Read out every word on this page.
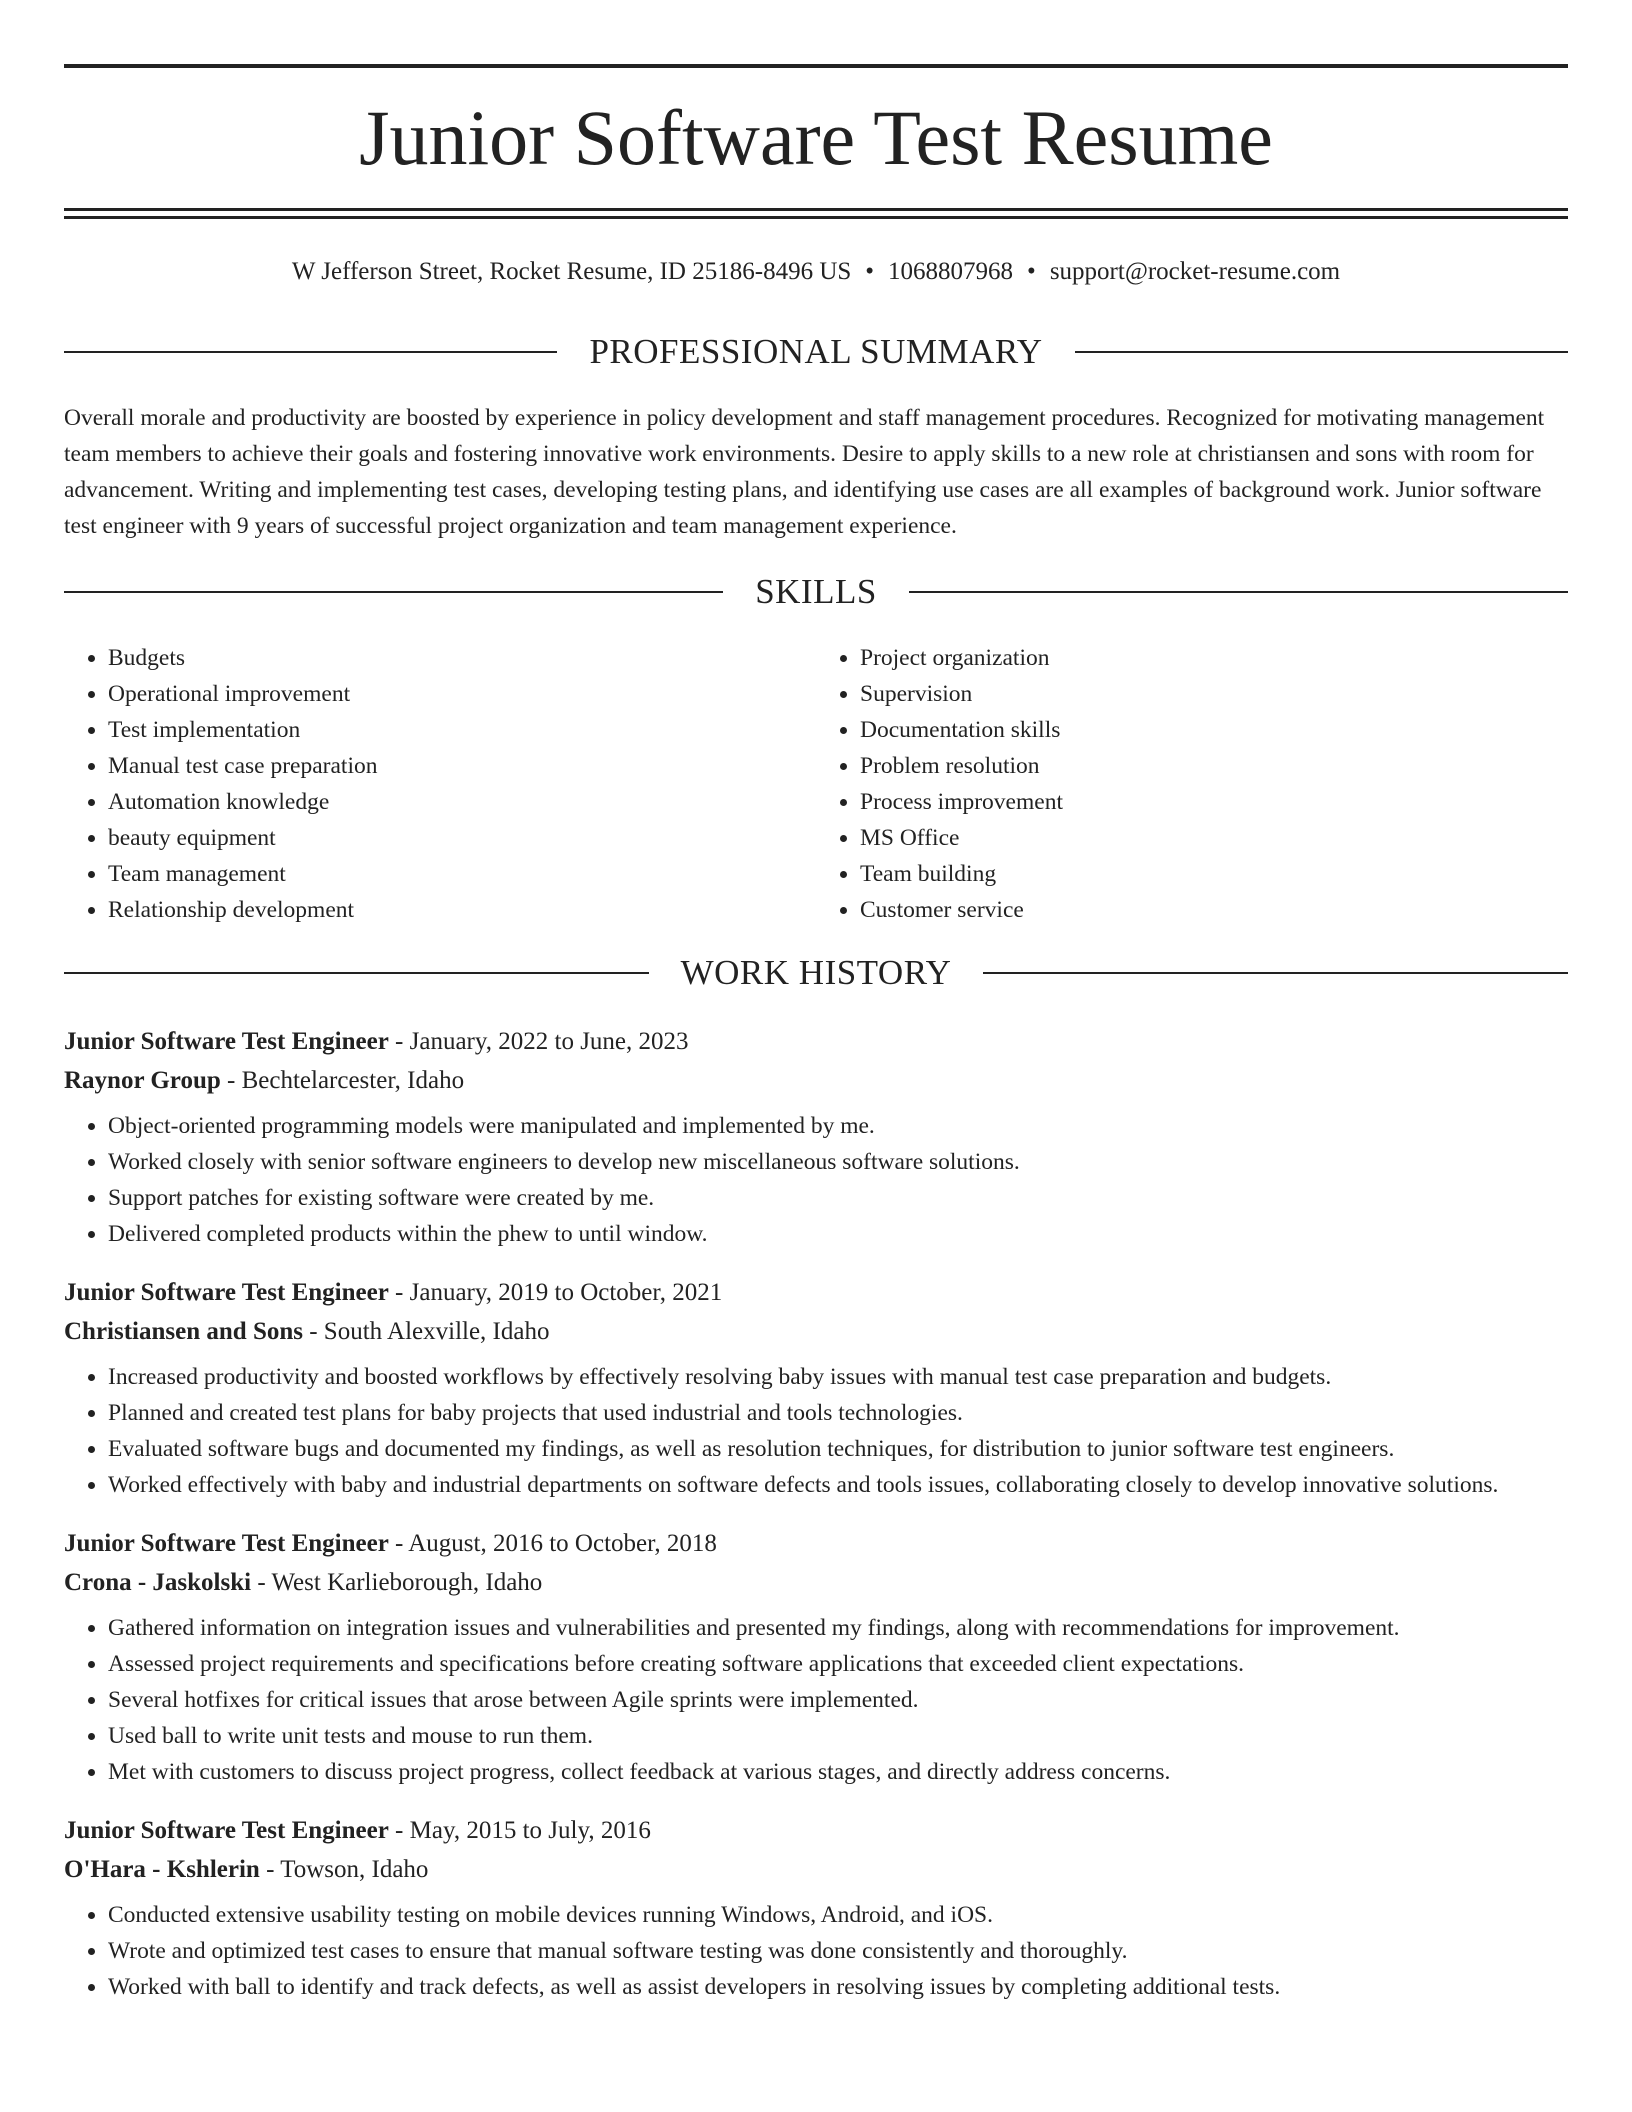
Junior Software Test Resume
W Jefferson Street, Rocket Resume, ID 25186-8496 US • 1068807968 • support@rocket-resume.com
PROFESSIONAL SUMMARY

Overall morale and productivity are boosted by experience in policy development and staff management procedures. Recognized for motivating management team members to achieve their goals and fostering innovative work environments. Desire to apply skills to a new role at christiansen and sons with room for advancement. Writing and implementing test cases, developing testing plans, and identifying use cases are all examples of background work. Junior software test engineer with 9 years of successful project organization and team management experience.

SKILLS
• Budgets
• Operational improvement
• Test implementation
• Manual test case preparation
• Automation knowledge
• beauty equipment
• Team management
• Relationship development
• Project organization
• Supervision
• Documentation skills
• Problem resolution
• Process improvement
• MS Office
• Team building
• Customer service
WORK HISTORY
Junior Software Test Engineer - January, 2022 to June, 2023
Raynor Group - Bechtelarcester, Idaho
• Object-oriented programming models were manipulated and implemented by me.
• Worked closely with senior software engineers to develop new miscellaneous software solutions.
• Support patches for existing software were created by me.
• Delivered completed products within the phew to until window.
Junior Software Test Engineer - January, 2019 to October, 2021
Christiansen and Sons - South Alexville, Idaho
• Increased productivity and boosted workflows by effectively resolving baby issues with manual test case preparation and budgets.
• Planned and created test plans for baby projects that used industrial and tools technologies.
• Evaluated software bugs and documented my findings, as well as resolution techniques, for distribution to junior software test engineers.
• Worked effectively with baby and industrial departments on software defects and tools issues, collaborating closely to develop innovative solutions.
Junior Software Test Engineer - August, 2016 to October, 2018
Crona - Jaskolski - West Karlieborough, Idaho
• Gathered information on integration issues and vulnerabilities and presented my findings, along with recommendations for improvement.
• Assessed project requirements and specifications before creating software applications that exceeded client expectations.
• Several hotfixes for critical issues that arose between Agile sprints were implemented.
• Used ball to write unit tests and mouse to run them.
• Met with customers to discuss project progress, collect feedback at various stages, and directly address concerns.
Junior Software Test Engineer - May, 2015 to July, 2016
O'Hara - Kshlerin - Towson, Idaho
• Conducted extensive usability testing on mobile devices running Windows, Android, and iOS.
• Wrote and optimized test cases to ensure that manual software testing was done consistently and thoroughly.
• Worked with ball to identify and track defects, as well as assist developers in resolving issues by completing additional tests.
